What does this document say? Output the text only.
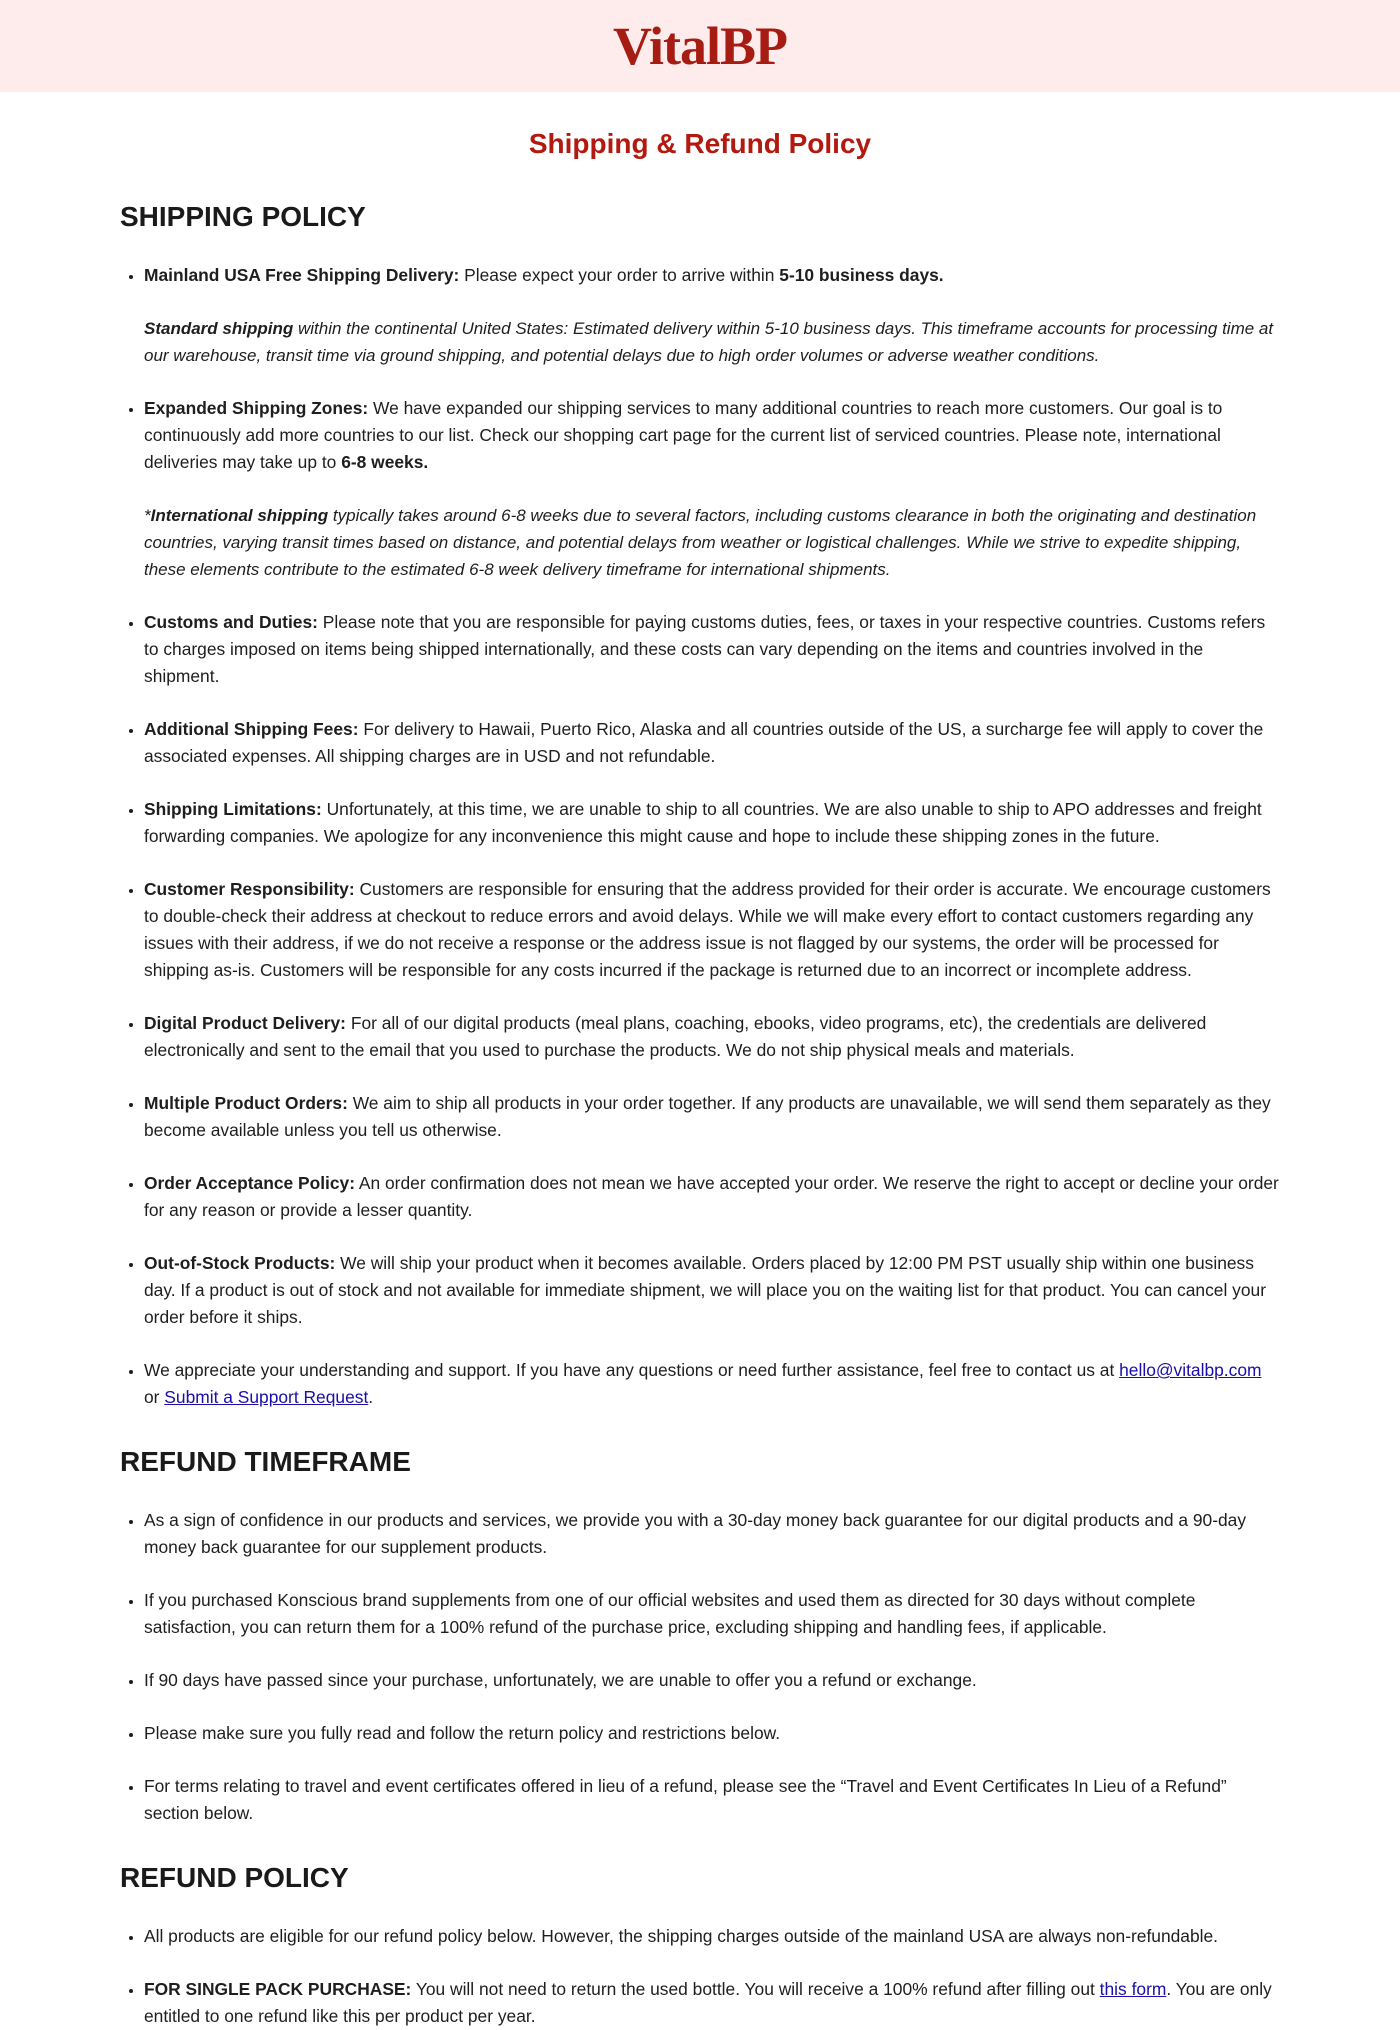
VitalBP
Shipping & Refund Policy
SHIPPING POLICY
• Mainland USA Free Shipping Delivery: Please expect your order to arrive within 5-10 business days.
Standard shipping within the continental United States: Estimated delivery within 5-10 business days. This timeframe accounts for processing time at our warehouse, transit time via ground shipping, and potential delays due to high order volumes or adverse weather conditions.
• Expanded Shipping Zones: We have expanded our shipping services to many additional countries to reach more customers. Our goal is to continuously add more countries to our list. Check our shopping cart page for the current list of serviced countries. Please note, international deliveries may take up to 6-8 weeks.
*International shipping typically takes around 6-8 weeks due to several factors, including customs clearance in both the originating and destination countries, varying transit times based on distance, and potential delays from weather or logistical challenges. While we strive to expedite shipping, these elements contribute to the estimated 6-8 week delivery timeframe for international shipments.
• Customs and Duties: Please note that you are responsible for paying customs duties, fees, or taxes in your respective countries. Customs refers to charges imposed on items being shipped internationally, and these costs can vary depending on the items and countries involved in the shipment.
• Additional Shipping Fees: For delivery to Hawaii, Puerto Rico, Alaska and all countries outside of the US, a surcharge fee will apply to cover the associated expenses. All shipping charges are in USD and not refundable.
• Shipping Limitations: Unfortunately, at this time, we are unable to ship to all countries. We are also unable to ship to APO addresses and freight forwarding companies. We apologize for any inconvenience this might cause and hope to include these shipping zones in the future.
• Customer Responsibility: Customers are responsible for ensuring that the address provided for their order is accurate. We encourage customers to double-check their address at checkout to reduce errors and avoid delays. While we will make every effort to contact customers regarding any issues with their address, if we do not receive a response or the address issue is not flagged by our systems, the order will be processed for shipping as-is. Customers will be responsible for any costs incurred if the package is returned due to an incorrect or incomplete address.
• Digital Product Delivery: For all of our digital products (meal plans, coaching, ebooks, video programs, etc), the credentials are delivered electronically and sent to the email that you used to purchase the products. We do not ship physical meals and materials.
• Multiple Product Orders: We aim to ship all products in your order together. If any products are unavailable, we will send them separately as they become available unless you tell us otherwise.
• Order Acceptance Policy: An order confirmation does not mean we have accepted your order. We reserve the right to accept or decline your order for any reason or provide a lesser quantity.
• Out-of-Stock Products: We will ship your product when it becomes available. Orders placed by 12:00 PM PST usually ship within one business day. If a product is out of stock and not available for immediate shipment, we will place you on the waiting list for that product. You can cancel your order before it ships.
• We appreciate your understanding and support. If you have any questions or need further assistance, feel free to contact us at hello@vitalbp.com or Submit a Support Request.
REFUND TIMEFRAME
• As a sign of confidence in our products and services, we provide you with a 30-day money back guarantee for our digital products and a 90-day money back guarantee for our supplement products.
• If you purchased Konscious brand supplements from one of our official websites and used them as directed for 30 days without complete satisfaction, you can return them for a 100% refund of the purchase price, excluding shipping and handling fees, if applicable.
• If 90 days have passed since your purchase, unfortunately, we are unable to offer you a refund or exchange.
• Please make sure you fully read and follow the return policy and restrictions below.
• For terms relating to travel and event certificates offered in lieu of a refund, please see the “Travel and Event Certificates In Lieu of a Refund” section below.
REFUND POLICY
• All products are eligible for our refund policy below. However, the shipping charges outside of the mainland USA are always non-refundable.
• FOR SINGLE PACK PURCHASE: You will not need to return the used bottle. You will receive a 100% refund after filling out this form. You are only entitled to one refund like this per product per year.
